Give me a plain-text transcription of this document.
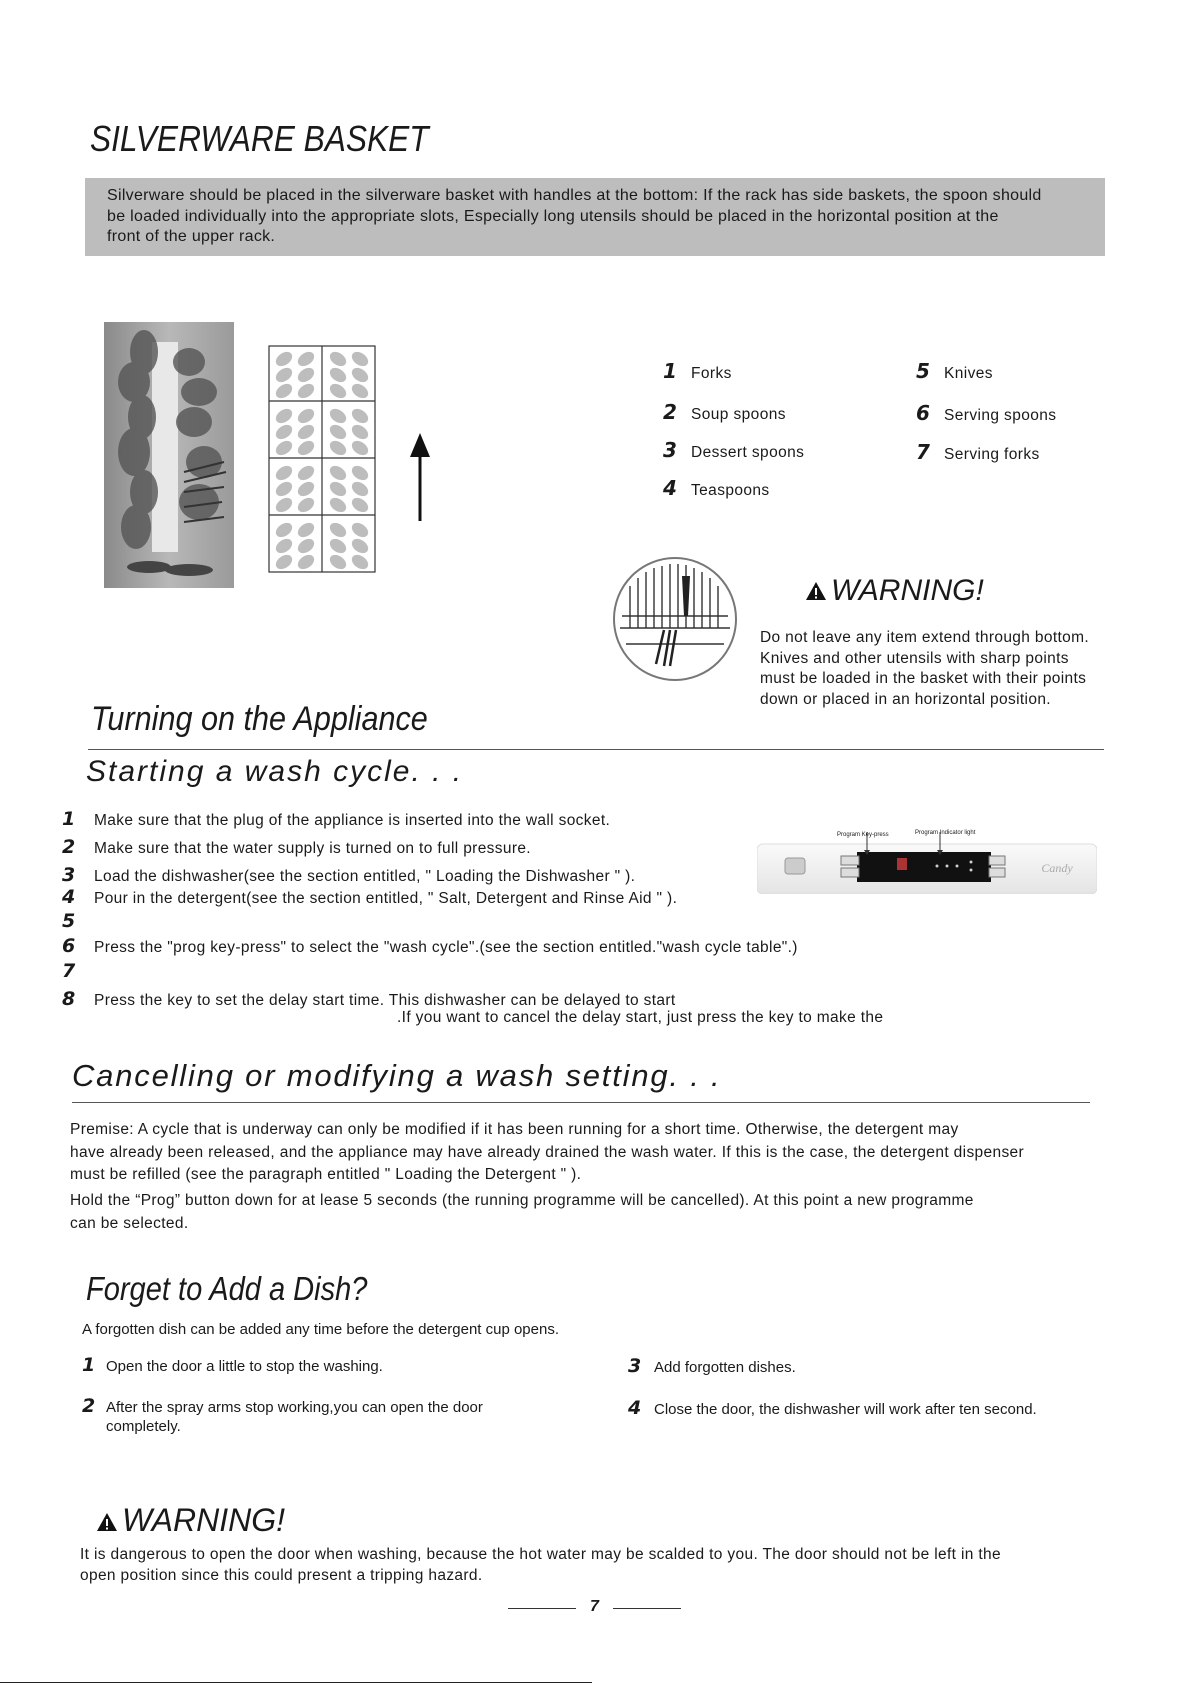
SILVERWARE BASKET
Silverware should be placed in the silverware basket with handles at the bottom: If the rack has side baskets, the spoon should
be loaded individually into the appropriate slots, Especially long utensils should be placed in the horizontal position at the
front of the upper rack.
1 Forks
2 Soup spoons
3 Dessert spoons
4 Teaspoons
5 Knives
6 Serving spoons
7 Serving forks
WARNING!
Do not leave any item extend through bottom.
Knives and other utensils with sharp points
must be loaded in the basket with their points
down or placed in an horizontal position.
Turning on the Appliance
Starting a wash cycle. . .
1 Make sure that the plug of the appliance is inserted into the wall socket.
2 Make sure that the water supply is turned on to full pressure.
3 Load the dishwasher(see the section entitled, " Loading the Dishwasher " ).
4 Pour in the detergent(see the section entitled, " Salt, Detergent and Rinse Aid " ).
5
6 Press the "prog key-press" to select the "wash cycle".(see the section entitled."wash cycle table".)
7
8 Press the key to set the delay start time. This dishwasher can be delayed to start
.If you want to cancel the delay start, just press the key to make the
Candy
Program Key-press	Program Indicator light
Cancelling or modifying a wash setting. . .
Premise: A cycle that is underway can only be modified if it has been running for a short time. Otherwise, the detergent may
have already been released, and the appliance may have already drained the wash water. If this is the case, the detergent dispenser
must be refilled (see the paragraph entitled " Loading the Detergent " ).
Hold the “Prog” button down for at lease 5 seconds (the running programme will be cancelled). At this point a new programme
can be selected.
Forget to Add a Dish?
A forgotten dish can be added any time before the detergent cup opens.
1 Open the door a little to stop the washing.
2 After the spray arms stop working,you can open the door
completely.
3 Add forgotten dishes.
4 Close the door, the dishwasher will work after ten second.
WARNING!
It is dangerous to open the door when washing, because the hot water may be scalded to you. The door should not be left in the
open position since this could present a tripping hazard.
7
